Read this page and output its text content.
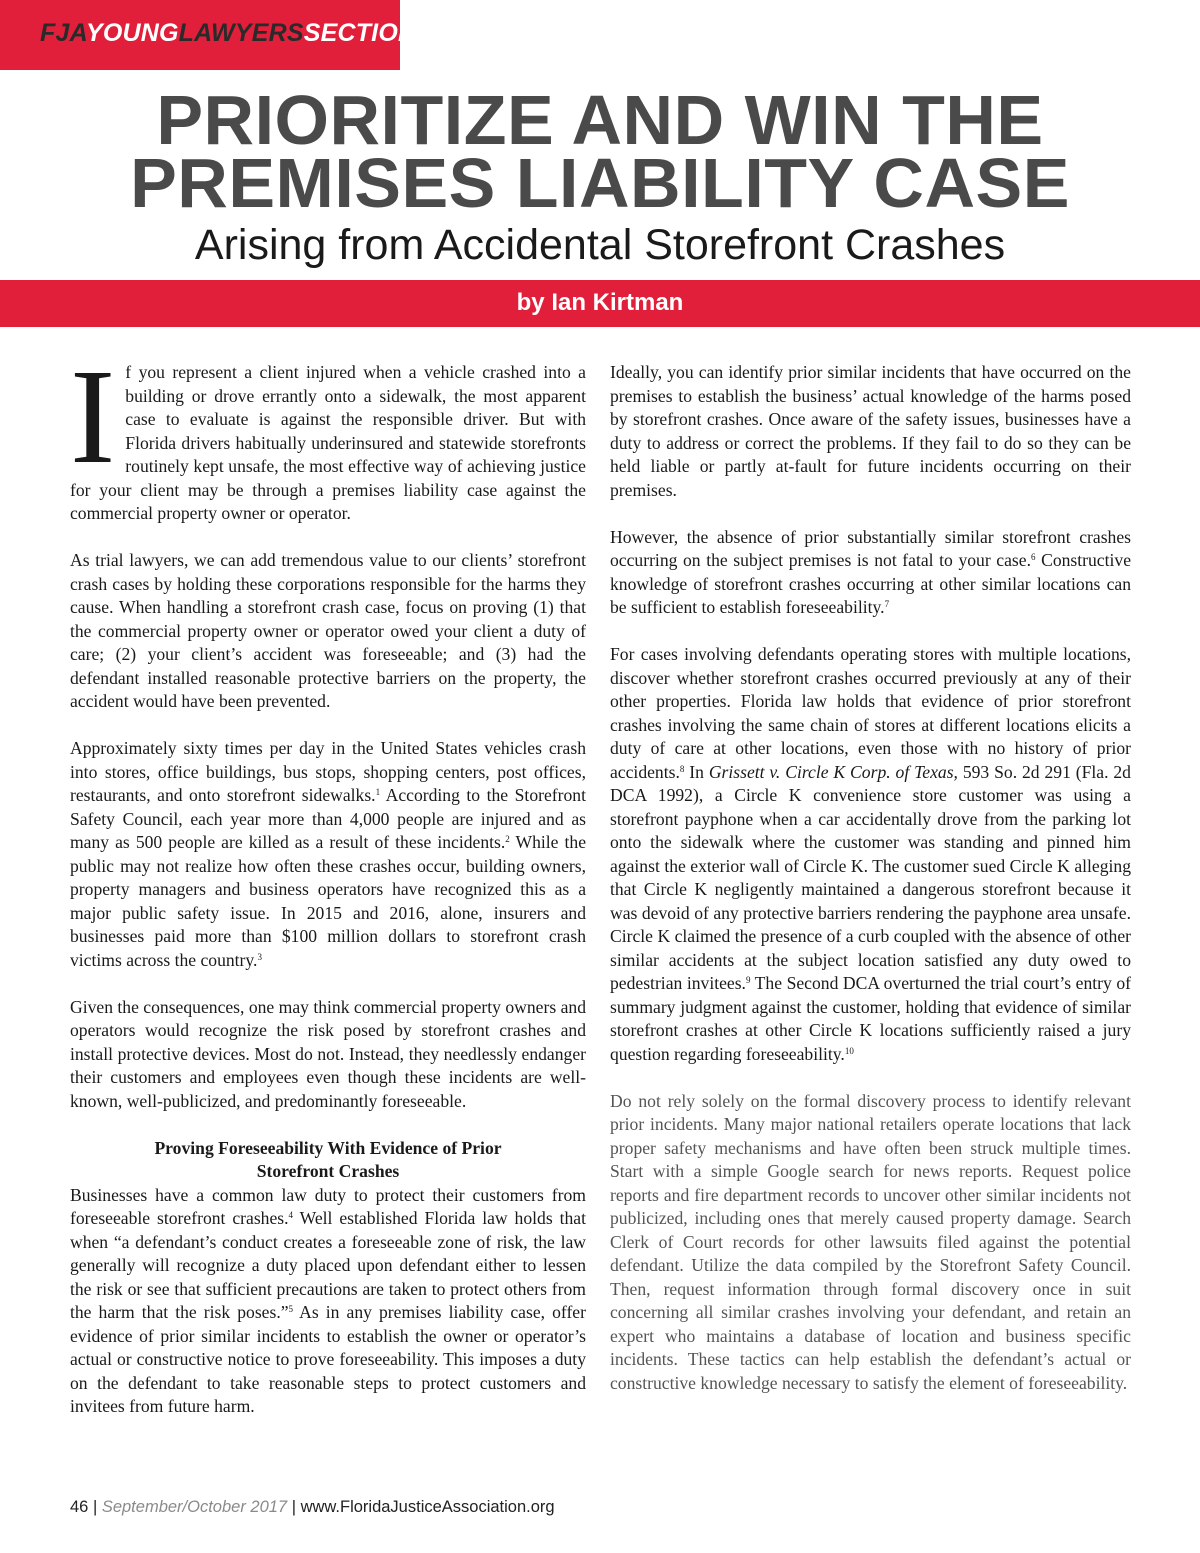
FJAYOUNGLAWYERSSECTION
PRIORITIZE AND WIN THE
PREMISES LIABILITY CASE
Arising from Accidental Storefront Crashes
by Ian Kirtman

If you represent a client injured when a vehicle crashed into a building or drove errantly onto a sidewalk, the most apparent case to evaluate is against the responsible driver. But with Florida drivers habitually underinsured and statewide storefronts routinely kept unsafe, the most effective way of achieving justice for your client may be through a premises liability case against the commercial property owner or operator.

As trial lawyers, we can add tremendous value to our clients’ storefront crash cases by holding these corporations responsible for the harms they cause. When handling a storefront crash case, focus on proving (1) that the commercial property owner or operator owed your client a duty of care; (2) your client’s accident was foreseeable; and (3) had the defendant installed reasonable protective barriers on the property, the accident would have been prevented.

Approximately sixty times per day in the United States vehicles crash into stores, office buildings, bus stops, shopping centers, post offices, restaurants, and onto storefront sidewalks.$^1$ According to the Storefront Safety Council, each year more than 4,000 people are injured and as many as 500 people are killed as a result of these incidents.$^2$ While the public may not realize how often these crashes occur, building owners, property managers and business operators have recognized this as a major public safety issue. In 2015 and 2016, alone, insurers and businesses paid more than $100 million dollars to storefront crash victims across the country.$^3$

Given the consequences, one may think commercial property owners and operators would recognize the risk posed by storefront crashes and install protective devices. Most do not. Instead, they needlessly endanger their customers and employees even though these incidents are well-known, well-publicized, and predominantly foreseeable.

Proving Foreseeability With Evidence of Prior
Storefront Crashes

Businesses have a common law duty to protect their customers from foreseeable storefront crashes.$^4$ Well established Florida law holds that when “a defendant’s conduct creates a foreseeable zone of risk, the law generally will recognize a duty placed upon defendant either to lessen the risk or see that sufficient precautions are taken to protect others from the harm that the risk poses.”$^5$ As in any premises liability case, offer evidence of prior similar incidents to establish the owner or operator’s actual or constructive notice to prove foreseeability. This imposes a duty on the defendant to take reasonable steps to protect customers and invitees from future harm.

Ideally, you can identify prior similar incidents that have occurred on the premises to establish the business’ actual knowledge of the harms posed by storefront crashes. Once aware of the safety issues, businesses have a duty to address or correct the problems. If they fail to do so they can be held liable or partly at-fault for future incidents occurring on their premises.

However, the absence of prior substantially similar storefront crashes occurring on the subject premises is not fatal to your case.$^6$ Constructive knowledge of storefront crashes occurring at other similar locations can be sufficient to establish foreseeability.$^7$

For cases involving defendants operating stores with multiple locations, discover whether storefront crashes occurred previously at any of their other properties. Florida law holds that evidence of prior storefront crashes involving the same chain of stores at different locations elicits a duty of care at other locations, even those with no history of prior accidents.$^8$ In Grissett v. Circle K Corp. of Texas, 593 So. 2d 291 (Fla. 2d DCA 1992), a Circle K convenience store customer was using a storefront payphone when a car accidentally drove from the parking lot onto the sidewalk where the customer was standing and pinned him against the exterior wall of Circle K. The customer sued Circle K alleging that Circle K negligently maintained a dangerous storefront because it was devoid of any protective barriers rendering the payphone area unsafe. Circle K claimed the presence of a curb coupled with the absence of other similar accidents at the subject location satisfied any duty owed to pedestrian invitees.$^9$ The Second DCA overturned the trial court’s entry of summary judgment against the customer, holding that evidence of similar storefront crashes at other Circle K locations sufficiently raised a jury question regarding foreseeability.$^{10}$

Do not rely solely on the formal discovery process to identify relevant prior incidents. Many major national retailers operate locations that lack proper safety mechanisms and have often been struck multiple times. Start with a simple Google search for news reports. Request police reports and fire department records to uncover other similar incidents not publicized, including ones that merely caused property damage. Search Clerk of Court records for other lawsuits filed against the potential defendant. Utilize the data compiled by the Storefront Safety Council. Then, request information through formal discovery once in suit concerning all similar crashes involving your defendant, and retain an expert who maintains a database of location and business specific incidents. These tactics can help establish the defendant’s actual or constructive knowledge necessary to satisfy the element of foreseeability.

46 | September/October 2017 | www.FloridaJusticeAssociation.org
